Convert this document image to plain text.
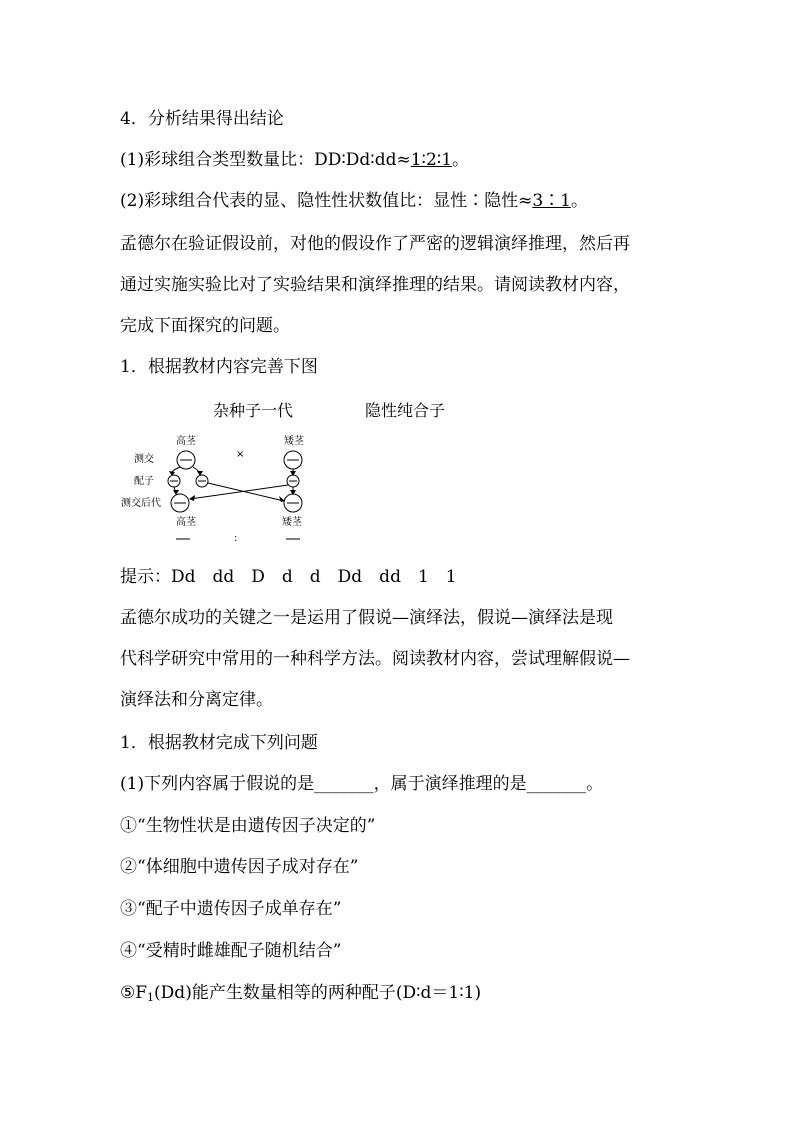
4．分析结果得出结论
(1)彩球组合类型数量比：DD∶Dd∶dd≈1∶2∶1。
(2)彩球组合代表的显、隐性性状数值比：显性∶隐性≈3∶1。
孟德尔在验证假设前，对他的假设作了严密的逻辑演绎推理，然后再
通过实施实验比对了实验结果和演绎推理的结果。请阅读教材内容，
完成下面探究的问题。
1．根据教材内容完善下图
杂种子一代	隐性纯合子
高茎	矮茎
测交
配子
测交后代
×
高茎	矮茎
:
提示：Dd　dd　D　d　d　Dd　dd　1　1
孟德尔成功的关键之一是运用了假说—演绎法，假说—演绎法是现
代科学研究中常用的一种科学方法。阅读教材内容，尝试理解假说—
演绎法和分离定律。
1．根据教材完成下列问题
(1)下列内容属于假说的是_______，属于演绎推理的是_______。
①“生物性状是由遗传因子决定的”
②“体细胞中遗传因子成对存在”
③“配子中遗传因子成单存在”
④“受精时雌雄配子随机结合”
$⑤F_1(Dd)$能产生数量相等的两种配子(D∶d＝1∶1)
